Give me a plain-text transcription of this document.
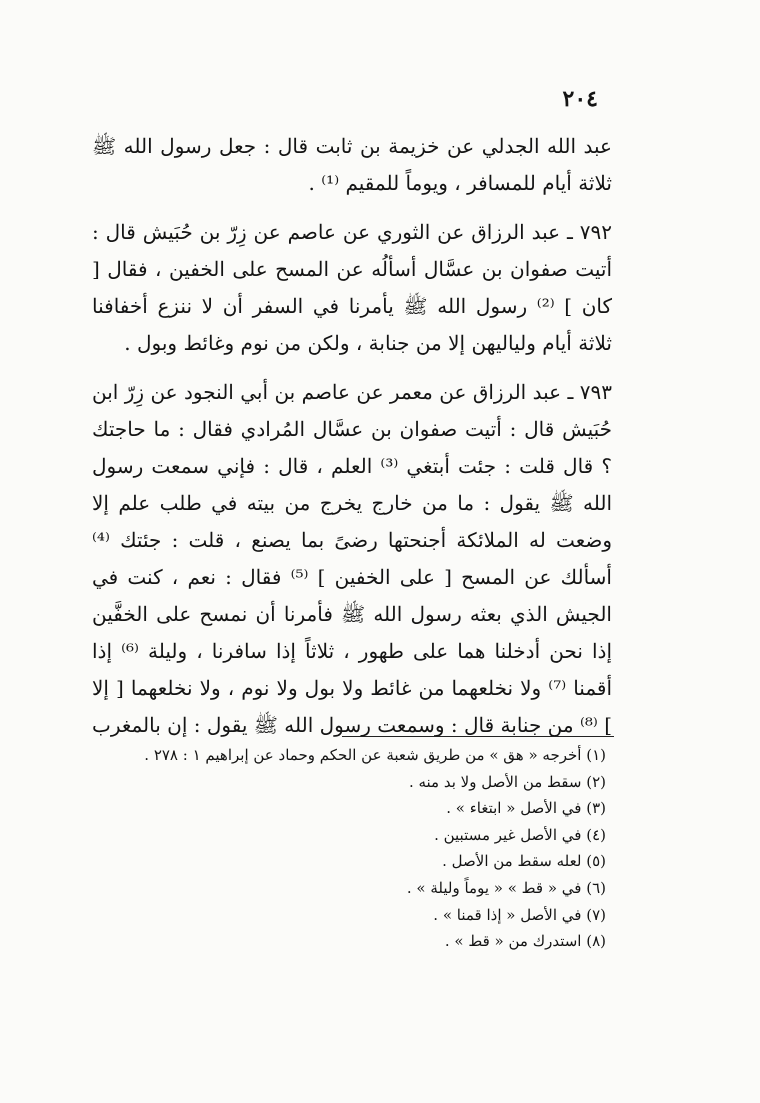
٢٠٤

عبد الله الجدلي عن خزيمة بن ثابت قال : جعل رسول الله ﷺ ثلاثة أيام للمسافر ، ويوماً للمقيم ⁽¹⁾ .

٧٩٢ ـ عبد الرزاق عن الثوري عن عاصم عن زِرّ بن حُبَيش قال : أتيت صفوان بن عسَّال أسألُه عن المسح على الخفين ، فقال [ كان ] ⁽²⁾ رسول الله ﷺ يأمرنا في السفر أن لا ننزع أخفافنا ثلاثة أيام ولياليهن إلا من جنابة ، ولكن من نوم وغائط وبول .

٧٩٣ ـ عبد الرزاق عن معمر عن عاصم بن أبي النجود عن زِرّ ابن حُبَيش قال : أتيت صفوان بن عسَّال المُرادي فقال : ما حاجتك ؟ قال قلت : جئت أبتغي ⁽³⁾ العلم ، قال : فإني سمعت رسول الله ﷺ يقول : ما من خارج يخرج من بيته في طلب علم إلا وضعت له الملائكة أجنحتها رضىً بما يصنع ، قلت : جئتك ⁽⁴⁾ أسألك عن المسح [ على الخفين ] ⁽⁵⁾ فقال : نعم ، كنت في الجيش الذي بعثه رسول الله ﷺ فأمرنا أن نمسح على الخفَّين إذا نحن أدخلنا هما على طهور ، ثلاثاً إذا سافرنا ، وليلة ⁽⁶⁾ إذا أقمنا ⁽⁷⁾ ولا نخلعهما من غائط ولا بول ولا نوم ، ولا نخلعهما [ إلا ] ⁽⁸⁾ من جنابة قال : وسمعت رسول الله ﷺ يقول : إن بالمغرب

(١) أخرجه « هق » من طريق شعبة عن الحكم وحماد عن إبراهيم ١ : ٢٧٨ .

(٢) سقط من الأصل ولا بد منه .

(٣) في الأصل « ابتغاء » .

(٤) في الأصل غير مستبين .

(٥) لعله سقط من الأصل .

(٦) في « قط » « يوماً وليلة » .

(٧) في الأصل « إذا قمنا » .

(٨) استدرك من « قط » .
